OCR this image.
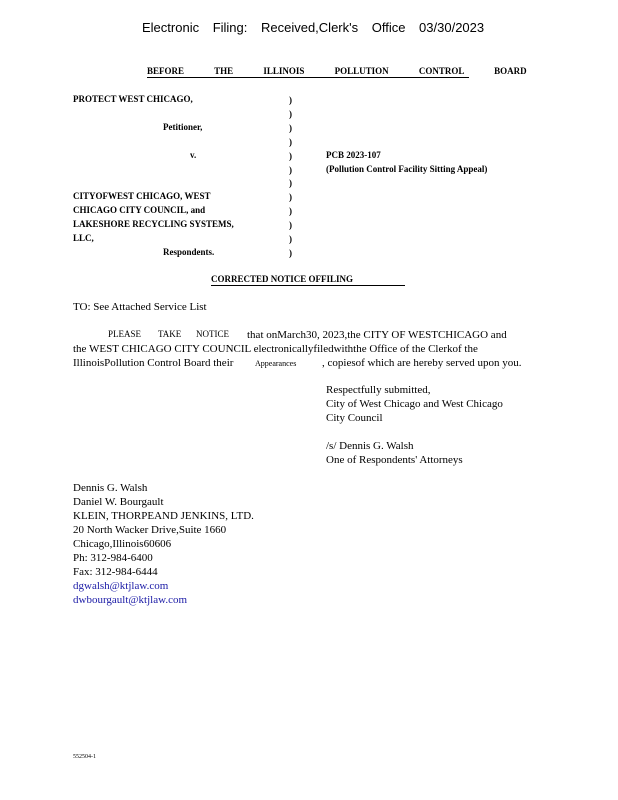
Electronic Filing: Received,Clerk's Office 03/30/2023
BEFORE THE ILLINOIS POLLUTION CONTROL BOARD
PROTECT WEST CHICAGO,
Petitioner,
v.
CITYOFWEST CHICAGO, WEST
CHICAGO CITY COUNCIL, and
LAKESHORE RECYCLING SYSTEMS,
LLC,
Respondents.
)
)
)
)
)
)
)
)
)
)
)
)
PCB 2023-107
(Pollution Control Facility Sitting Appeal)
CORRECTED NOTICE OFFILING
TO: See Attached Service List
PLEASE TAKE NOTICE that onMarch30, 2023,the CITY OF WESTCHICAGO and
the WEST CHICAGO CITY COUNCIL electronicallyfiledwiththe Office of the Clerkof the
IllinoisPollution Control Board their	Appearances , copiesof which are hereby served upon you.
Respectfully submitted,
City of West Chicago and West Chicago
City Council
/s/ Dennis G. Walsh
One of Respondents' Attorneys
Dennis G. Walsh
Daniel W. Bourgault
KLEIN, THORPEAND JENKINS, LTD.
20 North Wacker Drive,Suite 1660
Chicago,Illinois60606
Ph: 312-984-6400
Fax: 312-984-6444
dgwalsh@ktjlaw.com
dwbourgault@ktjlaw.com
552504-1
